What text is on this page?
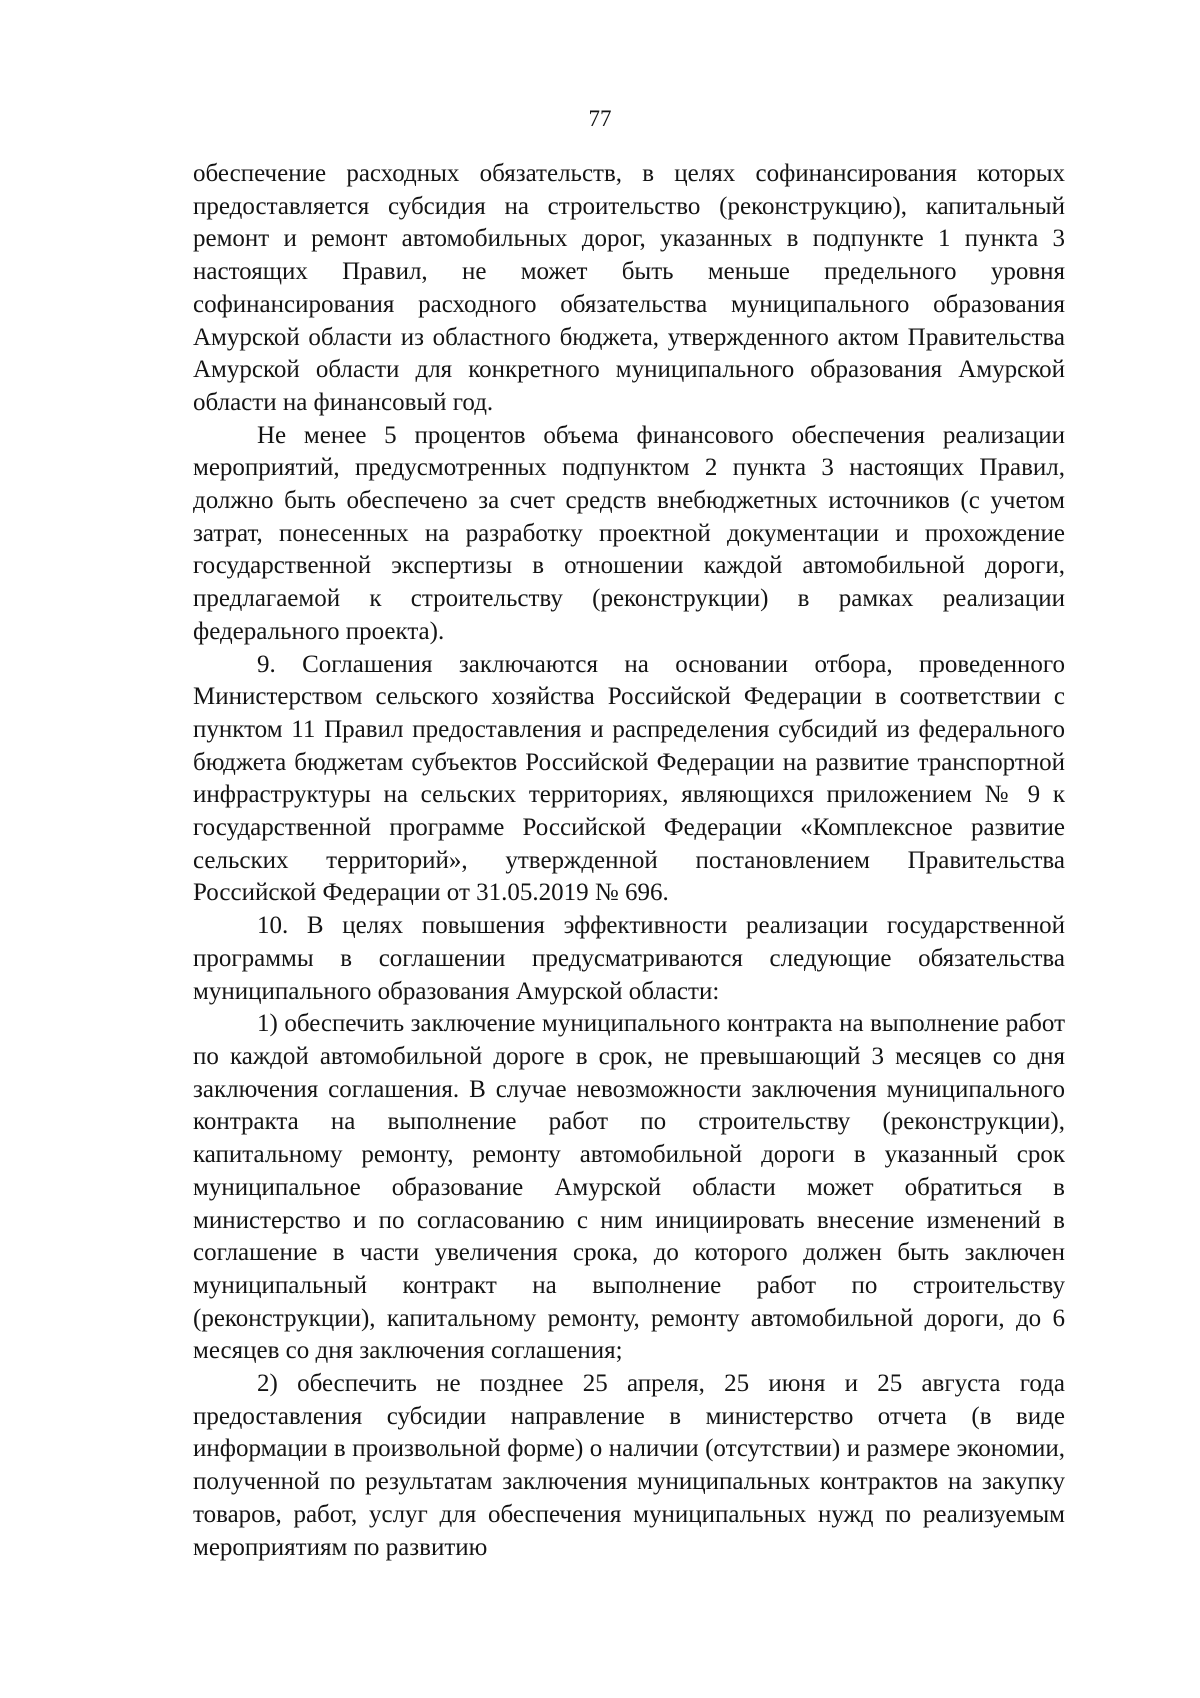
77

обеспечение расходных обязательств, в целях софинансирования которых предоставляется субсидия на строительство (реконструкцию), капитальный ремонт и ремонт автомобильных дорог, указанных в подпункте 1 пункта 3 настоящих Правил, не может быть меньше предельного уровня софинансирования расходного обязательства муниципального образования Амурской области из областного бюджета, утвержденного актом Правительства Амурской области для конкретного муниципального образования Амурской области на финансовый год.

Не менее 5 процентов объема финансового обеспечения реализации мероприятий, предусмотренных подпунктом 2 пункта 3 настоящих Правил, должно быть обеспечено за счет средств внебюджетных источников (с учетом затрат, понесенных на разработку проектной документации и прохождение государственной экспертизы в отношении каждой автомобильной дороги, предлагаемой к строительству (реконструкции) в рамках реализации федерального проекта).

9. Соглашения заключаются на основании отбора, проведенного Министерством сельского хозяйства Российской Федерации в соответствии с пунктом 11 Правил предоставления и распределения субсидий из федерального бюджета бюджетам субъектов Российской Федерации на развитие транспортной инфраструктуры на сельских территориях, являющихся приложением № 9 к государственной программе Российской Федерации «Комплексное развитие сельских территорий», утвержденной постановлением Правительства Российской Федерации от 31.05.2019 № 696.

10. В целях повышения эффективности реализации государственной программы в соглашении предусматриваются следующие обязательства муниципального образования Амурской области:

1) обеспечить заключение муниципального контракта на выполнение работ по каждой автомобильной дороге в срок, не превышающий 3 месяцев со дня заключения соглашения. В случае невозможности заключения муниципального контракта на выполнение работ по строительству (реконструкции), капитальному ремонту, ремонту автомобильной дороги в указанный срок муниципальное образование Амурской области может обратиться в министерство и по согласованию с ним инициировать внесение изменений в соглашение в части увеличения срока, до которого должен быть заключен муниципальный контракт на выполнение работ по строительству (реконструкции), капитальному ремонту, ремонту автомобильной дороги, до 6 месяцев со дня заключения соглашения;

2) обеспечить не позднее 25 апреля, 25 июня и 25 августа года предоставления субсидии направление в министерство отчета (в виде информации в произвольной форме) о наличии (отсутствии) и размере экономии, полученной по результатам заключения муниципальных контрактов на закупку товаров, работ, услуг для обеспечения муниципальных нужд по реализуемым мероприятиям по развитию
